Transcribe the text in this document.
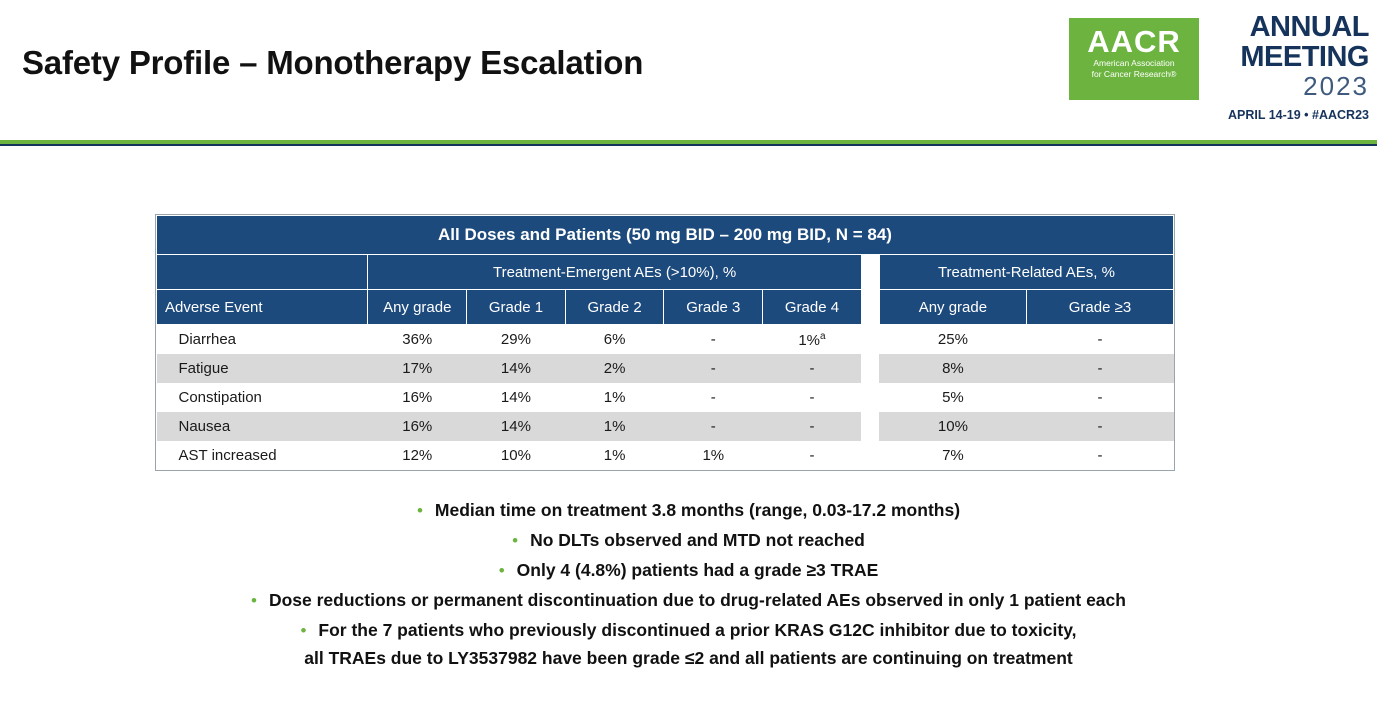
Safety Profile – Monotherapy Escalation
AACR
American Association
for Cancer Research®
ANNUAL
MEETING
2023
APRIL 14-19 • #AACR23
All Doses and Patients (50 mg BID – 200 mg BID, N = 84)								
	Treatment-Emergent AEs (>10%), %						Treatment-Related AEs, %	
Adverse Event	Any grade	Grade 1	Grade 2	Grade 3	Grade 4		Any grade	Grade ≥3
Diarrhea	36%	29%	6%	-	1%$^a$		25%	-
Fatigue	17%	14%	2%	-	-		8%	-
Constipation	16%	14%	1%	-	-		5%	-
Nausea	16%	14%	1%	-	-		10%	-
AST increased	12%	10%	1%	1%	-		7%	-
• Median time on treatment 3.8 months (range, 0.03-17.2 months)
• No DLTs observed and MTD not reached
• Only 4 (4.8%) patients had a grade ≥3 TRAE
• Dose reductions or permanent discontinuation due to drug-related AEs observed in only 1 patient each
• For the 7 patients who previously discontinued a prior KRAS G12C inhibitor due to toxicity,
all TRAEs due to LY3537982 have been grade ≤2 and all patients are continuing on treatment
